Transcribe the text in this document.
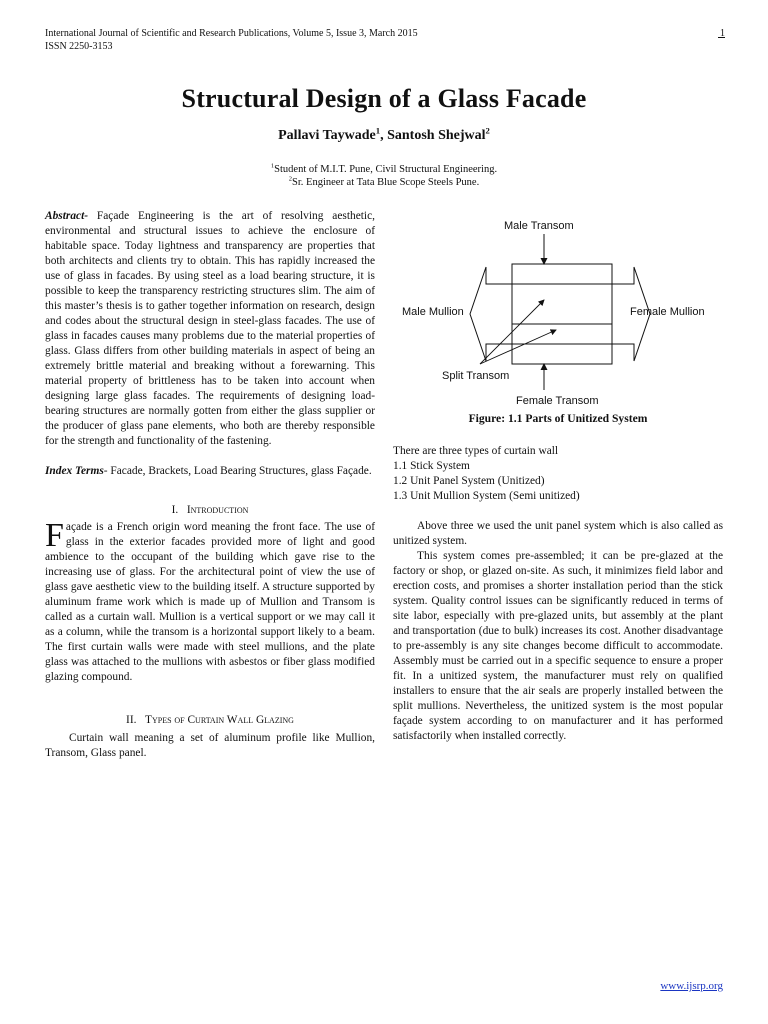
International Journal of Scientific and Research Publications, Volume 5, Issue 3, March 2015
ISSN 2250-3153
1
Structural Design of a Glass Facade
Pallavi Taywade$^1$, Santosh Shejwal$^2$
$^1$Student of M.I.T. Pune, Civil Structural Engineering.
$^2$Sr. Engineer at Tata Blue Scope Steels Pune.

Abstract- Façade Engineering is the art of resolving aesthetic, environmental and structural issues to achieve the enclosure of habitable space. Today lightness and transparency are properties that both architects and clients try to obtain. This has rapidly increased the use of glass in facades. By using steel as a load bearing structure, it is possible to keep the transparency restricting structures slim. The aim of this master’s thesis is to gather together information on research, design and codes about the structural design in steel-glass facades. The use of glass in facades causes many problems due to the material properties of glass. Glass differs from other building materials in aspect of being an extremely brittle material and breaking without a forewarning. This material property of brittleness has to be taken into account when designing large glass facades. The requirements of designing load-bearing structures are normally gotten from either the glass supplier or the producer of glass pane elements, who both are thereby responsible for the strength and functionality of the fastening.

Index Terms- Facade, Brackets, Load Bearing Structures, glass Façade.

I. Introduction

Façade is a French origin word meaning the front face. The use of glass in the exterior facades provided more of light and good ambience to the occupant of the building which gave rise to the increasing use of glass. For the architectural point of view the use of glass gave aesthetic view to the building itself. A structure supported by aluminum frame work which is made up of Mullion and Transom is called as a curtain wall. Mullion is a vertical support or we may call it as a column, while the transom is a horizontal support likely to a beam. The first curtain walls were made with steel mullions, and the plate glass was attached to the mullions with asbestos or fiber glass modified glazing compound.

II. Types of Curtain Wall Glazing

Curtain wall meaning a set of aluminum profile like Mullion, Transom, Glass panel.

Male Transom
Male Mullion	Female Mullion
Split Transom
Female Transom
Figure: 1.1 Parts of Unitized System

There are three types of curtain wall

1.1 Stick System

1.2 Unit Panel System (Unitized)

1.3 Unit Mullion System (Semi unitized)

Above three we used the unit panel system which is also called as unitized system.

This system comes pre-assembled; it can be pre-glazed at the factory or shop, or glazed on-site. As such, it minimizes field labor and erection costs, and promises a shorter installation period than the stick system. Quality control issues can be significantly reduced in terms of site labor, especially with pre-glazed units, but assembly at the plant and transportation (due to bulk) increases its cost. Another disadvantage to pre-assembly is any site changes become difficult to accommodate. Assembly must be carried out in a specific sequence to ensure a proper fit. In a unitized system, the manufacturer must rely on qualified installers to ensure that the air seals are properly installed between the split mullions. Nevertheless, the unitized system is the most popular façade system according to on manufacturer and it has performed satisfactorily when installed correctly.

www.ijsrp.org
